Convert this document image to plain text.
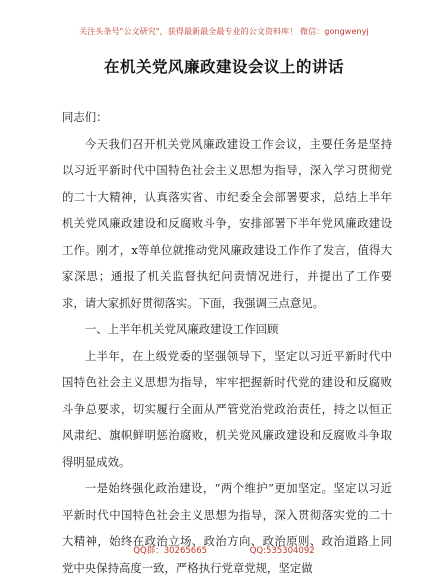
关注头条号"公文研究"，获得最新最全最专业的公文资料库！ 微信：gongwenyj
在机关党风廉政建设会议上的讲话

同志们：

今天我们召开机关党风廉政建设工作会议，主要任务是坚持以习近平新时代中国特色社会主义思想为指导，深入学习贯彻党的二十大精神，认真落实省、市纪委全会部署要求，总结上半年机关党风廉政建设和反腐败斗争，安排部署下半年党风廉政建设工作。刚才，x等单位就推动党风廉政建设工作作了发言，值得大家深思；通报了机关监督执纪问责情况进行，并提出了工作要求，请大家抓好贯彻落实。下面，我强调三点意见。

一、上半年机关党风廉政建设工作回顾

上半年，在上级党委的坚强领导下，坚定以习近平新时代中国特色社会主义思想为指导，牢牢把握新时代党的建设和反腐败斗争总要求，切实履行全面从严管党治党政治责任，持之以恒正风肃纪、旗帜鲜明惩治腐败，机关党风廉政建设和反腐败斗争取得明显成效。

一是始终强化政治建设，“两个维护”更加坚定。坚定以习近平新时代中国特色社会主义思想为指导，深入贯彻落实党的二十大精神，始终在政治立场、政治方向、政治原则、政治道路上同党中央保持高度一致，严格执行党章党规，坚定做

QQ群：30265665	QQ:535304092
